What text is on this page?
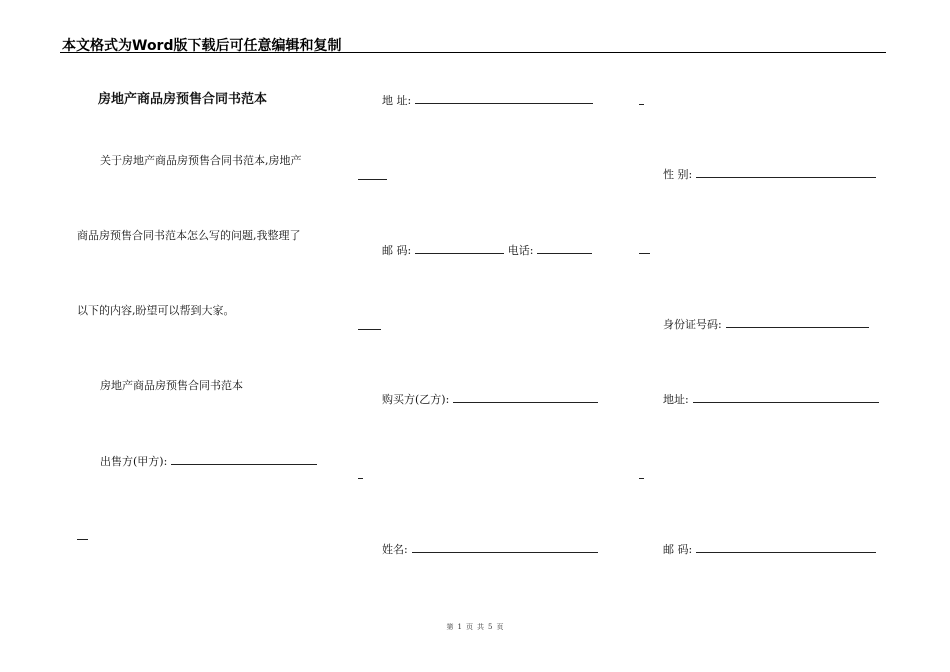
本文格式为Word版下载后可任意编辑和复制
房地产商品房预售合同书范本
关于房地产商品房预售合同书范本,房地产
商品房预售合同书范本怎么写的问题,我整理了
以下的内容,盼望可以帮到大家。
房地产商品房预售合同书范本
出售方(甲方):
地 址:
邮 码:	电话:
购买方(乙方):
姓名:
性 别:
身份证号码:
地址:
邮 码:
第 1 页 共 5 页
